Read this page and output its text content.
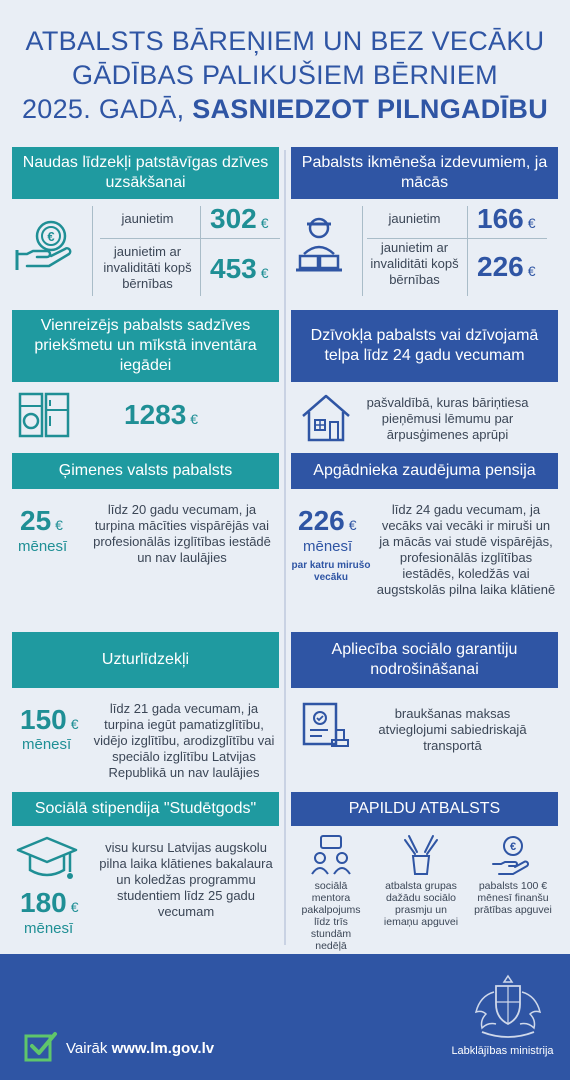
ATBALSTS BĀREŅIEM UN BEZ VECĀKU
GĀDĪBAS PALIKUŠIEM BĒRNIEM
2025. GADĀ, SASNIEDZOT PILNGADĪBU
Naudas līdzekļi patstāvīgas dzīves uzsākšanai
€
jaunietim	302 €
jaunietim ar invaliditāti kopš bērnības	453 €
Pabalsts ikmēneša izdevumiem, ja mācās
jaunietim	166 €
jaunietim ar invaliditāti kopš bērnības	226 €
Vienreizējs pabalsts sadzīves priekšmetu un mīkstā inventāra iegādei
1283 €
Dzīvokļa pabalsts vai dzīvojamā telpa līdz 24 gadu vecumam
pašvaldībā, kuras bāriņtiesa pieņēmusi lēmumu par ārpusģimenes aprūpi
Ģimenes valsts pabalsts
25 €
mēnesī
līdz 20 gadu vecumam, ja turpina mācīties vispārējās vai profesionālās izglītības iestādē un nav laulājies
Apgādnieka zaudējuma pensija
226 €
mēnesī
par katru mirušo vecāku
līdz 24 gadu vecumam, ja vecāks vai vecāki ir miruši un ja mācās vai studē vispārējās, profesionālās izglītības iestādēs, koledžās vai augstskolās pilna laika klātienē
Uzturlīdzekļi
150 €
mēnesī
līdz 21 gada vecumam, ja turpina iegūt pamatizglītību, vidējo izglītību, arodizglītību vai speciālo izglītību Latvijas Republikā un nav laulājies
Apliecība sociālo garantiju nodrošināšanai
braukšanas maksas atvieglojumi sabiedriskajā transportā
Sociālā stipendija "Studētgods"
180 €
mēnesī
visu kursu Latvijas augskolu pilna laika klātienes bakalaura un koledžas programmu studentiem līdz 25 gadu vecumam
PAPILDU ATBALSTS
€
sociālā mentora pakalpojums līdz trīs stundām nedēļā
atbalsta grupas dažādu sociālo prasmju un iemaņu apguvei
pabalsts 100 € mēnesī finanšu prātības apguvei
Vairāk www.lm.gov.lv	Labklājības ministrija
